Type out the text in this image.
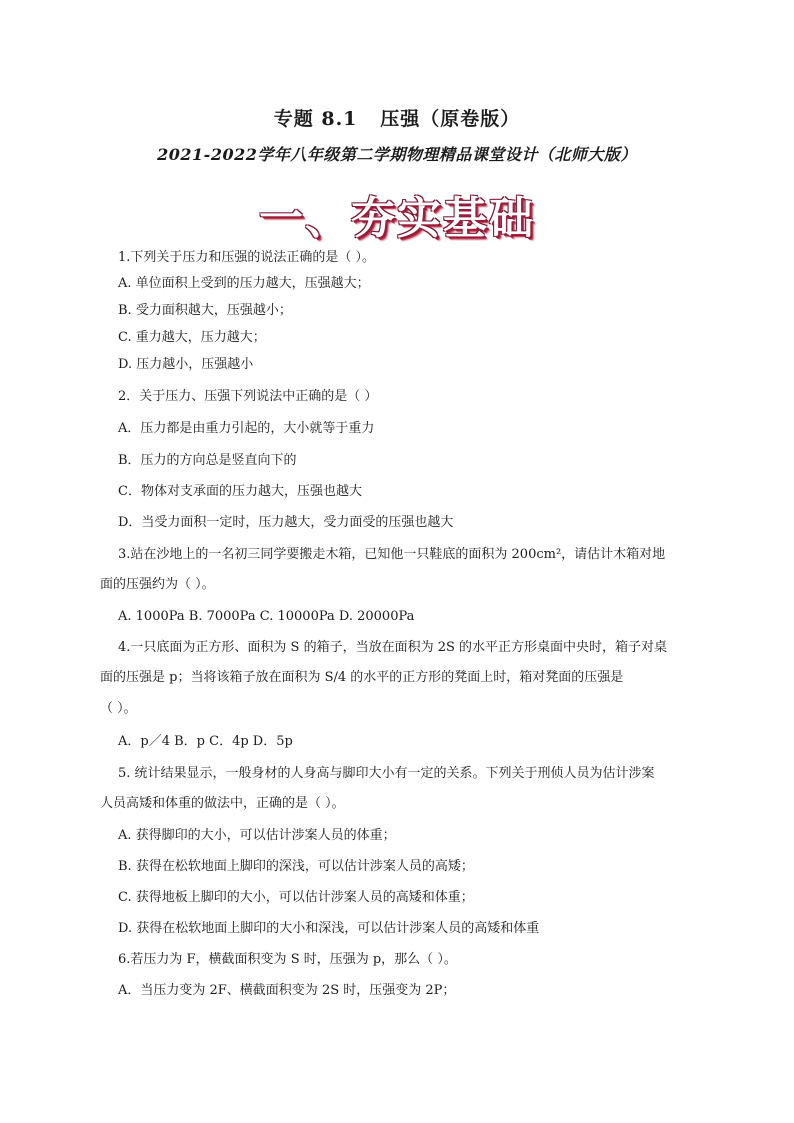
专题 8.1   压强（原卷版）
2021-2022学年八年级第二学期物理精品课堂设计（北师大版）
一、夯实基础
1.下列关于压力和压强的说法正确的是（ ）。
A. 单位面积上受到的压力越大，压强越大；
B. 受力面积越大，压强越小；
C. 重力越大，压力越大；
D. 压力越小，压强越小
2．关于压力、压强下列说法中正确的是（ ）
A．压力都是由重力引起的，大小就等于重力
B．压力的方向总是竖直向下的
C．物体对支承面的压力越大，压强也越大
D．当受力面积一定时，压力越大，受力面受的压强也越大
3.站在沙地上的一名初三同学要搬走木箱，已知他一只鞋底的面积为 200cm²，请估计木箱对地
面的压强约为（ ）。
A. 1000Pa B. 7000Pa C. 10000Pa D. 20000Pa
4.一只底面为正方形、面积为 S 的箱子，当放在面积为 2S 的水平正方形桌面中央时，箱子对桌
面的压强是 p；当将该箱子放在面积为 S/4 的水平的正方形的凳面上时，箱对凳面的压强是
（ ）。
A．p／4 B．p C．4p D．5p
5. 统计结果显示，一般身材的人身高与脚印大小有一定的关系。下列关于刑侦人员为估计涉案
人员高矮和体重的做法中，正确的是（ ）。
A. 获得脚印的大小，可以估计涉案人员的体重；
B. 获得在松软地面上脚印的深浅，可以估计涉案人员的高矮；
C. 获得地板上脚印的大小，可以估计涉案人员的高矮和体重；
D. 获得在松软地面上脚印的大小和深浅，可以估计涉案人员的高矮和体重
6.若压力为 F，横截面积变为 S 时，压强为 p，那么（ ）。
A．当压力变为 2F、横截面积变为 2S 时，压强变为 2P；
